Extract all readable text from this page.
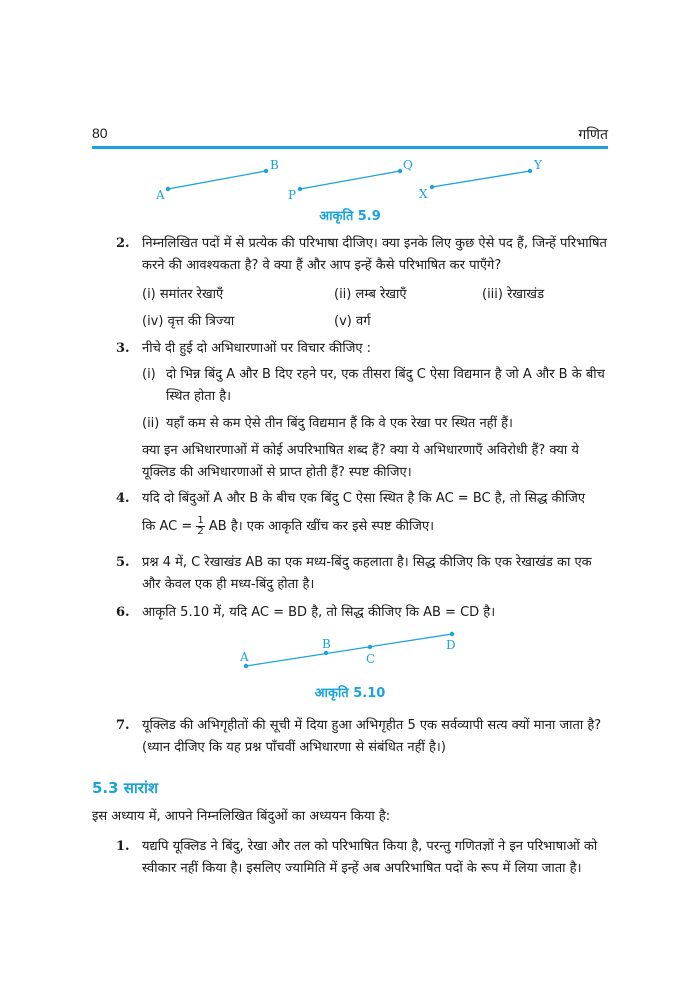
80	गणित
A
B
P
Q
X
Y
आकृति 5.9
2. निम्नलिखित पदों में से प्रत्येक की परिभाषा दीजिए। क्या इनके लिए कुछ ऐसे पद हैं, जिन्हें परिभाषित करने की आवश्यकता है? वे क्या हैं और आप इन्हें कैसे परिभाषित कर पाएँगे?
(i) समांतर रेखाएँ	(ii) लम्ब रेखाएँ	(iii) रेखाखंड
(iv) वृत्त की त्रिज्या	(v) वर्ग
3. नीचे दी हुई दो अभिधारणाओं पर विचार कीजिए :
(i) दो भिन्न बिंदु A और B दिए रहने पर, एक तीसरा बिंदु C ऐसा विद्यमान है जो A और B के बीच स्थित होता है।
(ii) यहाँ कम से कम ऐसे तीन बिंदु विद्यमान हैं कि वे एक रेखा पर स्थित नहीं हैं।
क्या इन अभिधारणाओं में कोई अपरिभाषित शब्द हैं? क्या ये अभिधारणाएँ अविरोधी हैं? क्या ये यूक्लिड की अभिधारणाओं से प्राप्त होती हैं? स्पष्ट कीजिए।
4. यदि दो बिंदुओं A और B के बीच एक बिंदु C ऐसा स्थित है कि AC = BC है, तो सिद्ध कीजिए
कि AC = $\frac{1}{2}$ AB है। एक आकृति खींच कर इसे स्पष्ट कीजिए।
5. प्रश्न 4 में, C रेखाखंड AB का एक मध्य-बिंदु कहलाता है। सिद्ध कीजिए कि एक रेखाखंड का एक और केवल एक ही मध्य-बिंदु होता है।
6. आकृति 5.10 में, यदि AC = BD है, तो सिद्ध कीजिए कि AB = CD है।
A
B
C
D
आकृति 5.10
7. यूक्लिड की अभिगृहीतों की सूची में दिया हुआ अभिगृहीत 5 एक सर्वव्यापी सत्य क्यों माना जाता है? (ध्यान दीजिए कि यह प्रश्न पाँचवीं अभिधारणा से संबंधित नहीं है।)
5.3 सारांश
इस अध्याय में, आपने निम्नलिखित बिंदुओं का अध्ययन किया है:
1. यद्यपि यूक्लिड ने बिंदु, रेखा और तल को परिभाषित किया है, परन्तु गणितज्ञों ने इन परिभाषाओं को स्वीकार नहीं किया है। इसलिए ज्यामिति में इन्हें अब अपरिभाषित पदों के रूप में लिया जाता है।
